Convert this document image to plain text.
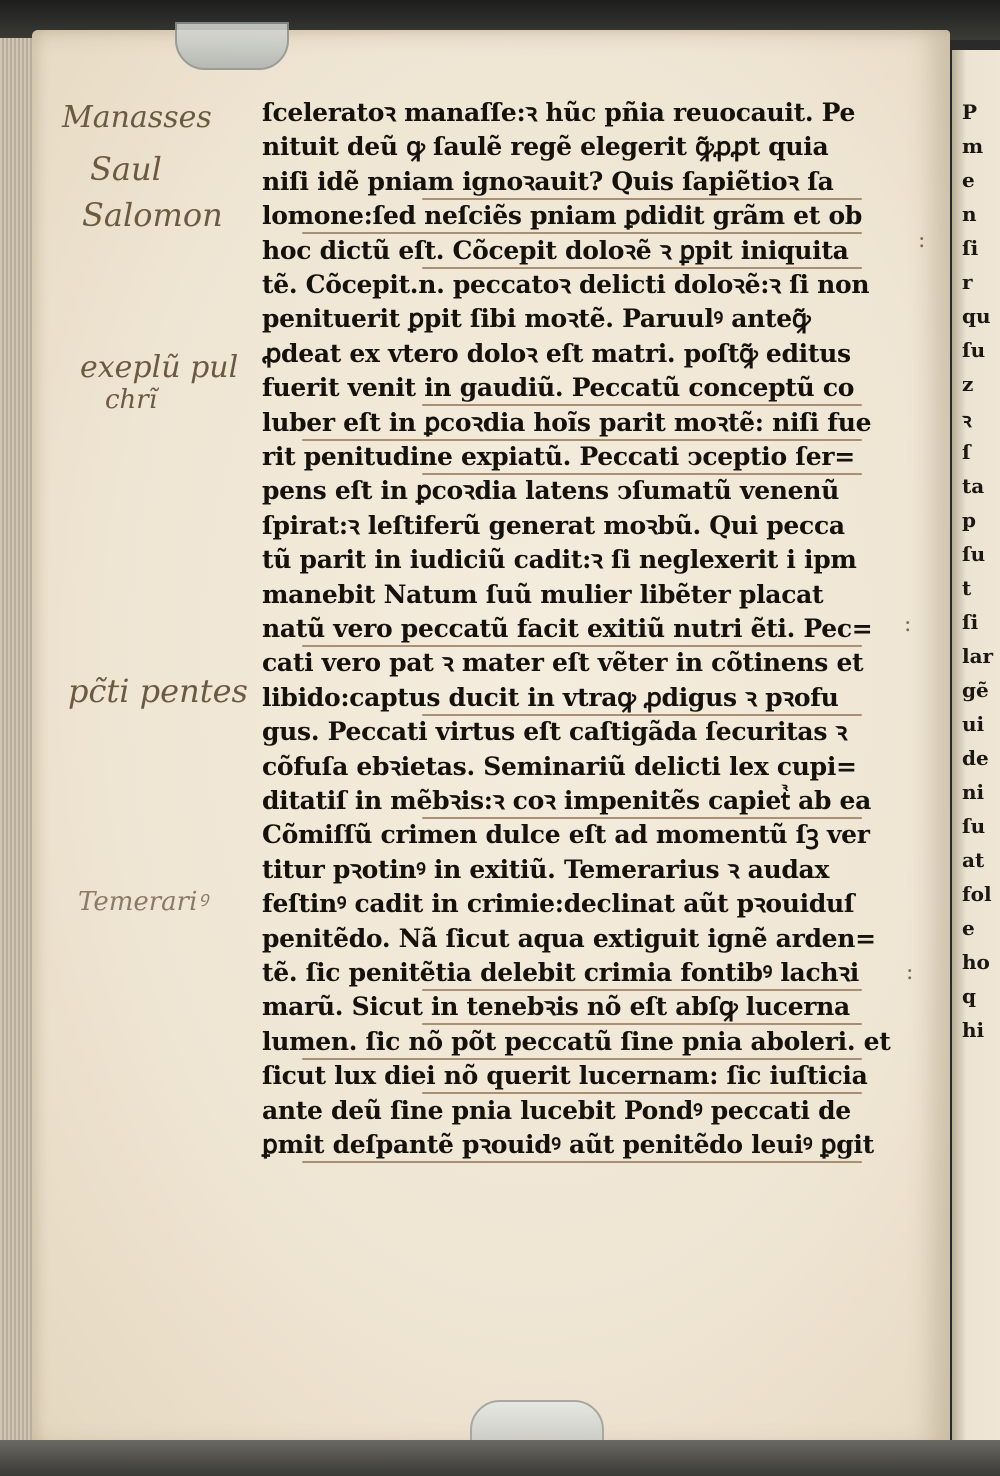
P
m
e
n
ſi
r
qu
ſu
z
ꝛ
ſ
ta
p
ſu
t
ſi
lar
gẽ
ui
de
ni
ſu
at
fol
e
ho
q
hi
Manasses
Saul
Salomon
exeplũ pul
chrĩ
pc̃ti pentes
Temerariꝰ
:
:
:
ſceleratoꝛ manaſſe:ꝛ hũc pñia reuocauit. Pe
nituit deũ ꝙ ſaulẽ regẽ elegerit ꝙ̃ꝓꝓt quia
niſi idẽ pniam ignoꝛauit? Quis ſapiẽtioꝛ ſa
lomone:ſed neſciẽs pniam ꝑdidit grãm et ob
hoc dictũ eſt. Cõcepit doloꝛẽ ꝛ ꝑpit iniquita
tẽ. Cõcepit.n. peccatoꝛ delicti doloꝛẽ:ꝛ ſi non
penituerit ꝑpit ſibi moꝛtẽ. Paruulꝰ anteꝙ̃
ꝓdeat ex vtero doloꝛ eſt matri. poſtꝙ̃ editus
fuerit venit in gaudiũ. Peccatũ conceptũ co
luber eſt in ꝑcoꝛdia hoĩs parit moꝛtẽ: niſi fue
rit penitudine expiatũ. Peccati ↄceptio ſer=
pens eſt in ꝑcoꝛdia latens ↄſumatũ venenũ
ſpirat:ꝛ leſtiferũ generat moꝛbũ. Qui pecca
tũ parit in iudiciũ cadit:ꝛ ſi neglexerit i ipm
manebit Natum ſuũ mulier libẽter placat
natũ vero peccatũ facit exitiũ nutri ẽti. Pec=
cati vero pat ꝛ mater eſt vẽter in cõtinens et
libido:captus ducit in vtraꝙ ꝓdigus ꝛ pꝛofu
gus. Peccati virtus eſt caſtigãda ſecuritas ꝛ
cõfuſa ebꝛietas. Seminariũ delicti lex cupi=
ditatiſ in mẽbꝛis:ꝛ coꝛ impenitẽs capietᷣ ab ea
Cõmiſſũ crimen dulce eſt ad momentũ ſꝫ ver
titur pꝛotinꝰ in exitiũ. Temerarius ꝛ audax
feſtinꝰ cadit in crimie:declinat aũt pꝛouiduſ
penitẽdo. Nã ſicut aqua extiguit ignẽ arden=
tẽ. ſic penitẽtia delebit crimia fontibꝰ lachꝛi
marũ. Sicut in tenebꝛis nõ eſt abſꝙ lucerna
lumen. ſic nõ põt peccatũ ſine pnia aboleri. et
ſicut lux diei nõ querit lucernam: ſic iuſticia
ante deũ ſine pnia lucebit Pondꝰ peccati de
ꝑmit deſpantẽ pꝛouidꝰ aũt penitẽdo leuiꝰ ꝑgit
